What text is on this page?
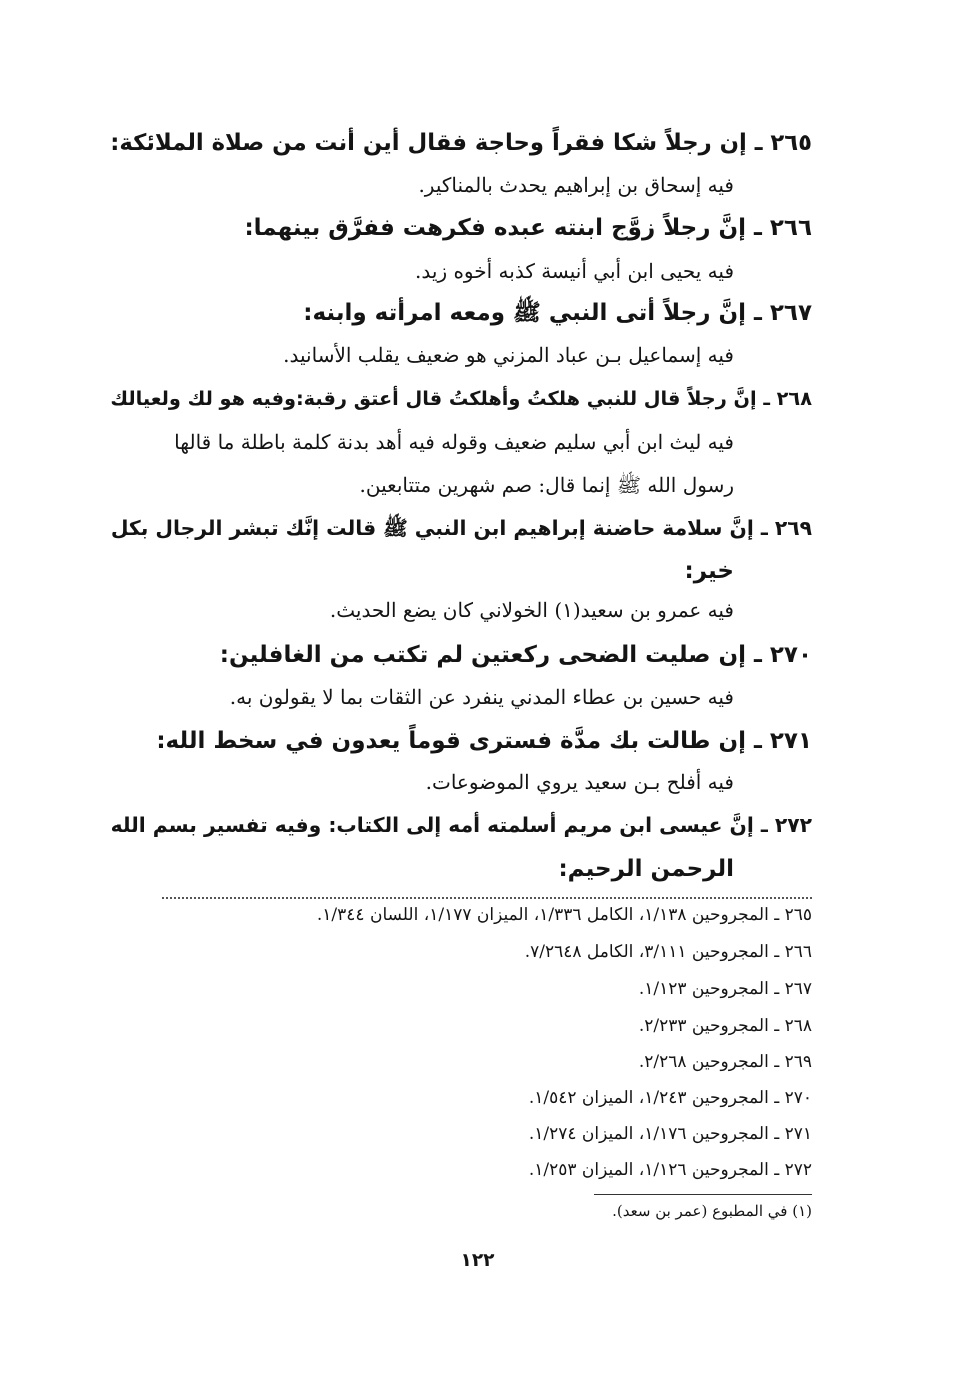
٢٦٥ ـ إن رجلاً شكا فقراً وحاجة فقال أين أنت من صلاة الملائكة:
فيه إسحاق بن إبراهيم يحدث بالمناكير.
٢٦٦ ـ إنَّ رجلاً زوَّج ابنته عبده فكرهت ففرَّق بينهما:
فيه يحيى ابن أبي أنيسة كذبه أخوه زيد.
٢٦٧ ـ إنَّ رجلاً أتى النبي ﷺ ومعه امرأته وابنه:
فيه إسماعيل بـن عباد المزني هو ضعيف يقلب الأسانيد.
٢٦٨ ـ إنَّ رجلاً قال للنبي هلكتُ وأهلكتُ قال أعتق رقبة:وفيه هو لك ولعيالك
فيه ليث ابن أبي سليم ضعيف وقوله فيه أهد بدنة كلمة باطلة ما قالها
رسول الله ﷺ إنما قال: صم شهرين متتابعين.
٢٦٩ ـ إنَّ سلامة حاضنة إبراهيم ابن النبي ﷺ قالت إنَّك تبشر الرجال بكل
خير:
فيه عمرو بن سعيد(١) الخولاني كان يضع الحديث.
٢٧٠ ـ إن صليت الضحى ركعتين لم تكتب من الغافلين:
فيه حسين بن عطاء المدني ينفرد عن الثقات بما لا يقولون به.
٢٧١ ـ إن طالت بك مدَّة فسترى قوماً يعدون في سخط الله:
فيه أفلح بـن سعيد يروي الموضوعات.
٢٧٢ ـ إنَّ عيسى ابن مريم أسلمته أمه إلى الكتاب: وفيه تفسير بسم الله
الرحمن الرحيم:
٢٦٥ ـ المجروحين ١/١٣٨، الكامل ١/٣٣٦، الميزان ١/١٧٧، اللسان ١/٣٤٤.
٢٦٦ ـ المجروحين ٣/١١١، الكامل ٧/٢٦٤٨.
٢٦٧ ـ المجروحين ١/١٢٣.
٢٦٨ ـ المجروحين ٢/٢٣٣.
٢٦٩ ـ المجروحين ٢/٢٦٨.
٢٧٠ ـ المجروحين ١/٢٤٣، الميزان ١/٥٤٢.
٢٧١ ـ المجروحين ١/١٧٦، الميزان ١/٢٧٤.
٢٧٢ ـ المجروحين ١/١٢٦، الميزان ١/٢٥٣.
(١) في المطبوع (عمر بن سعد).
١٢٢
